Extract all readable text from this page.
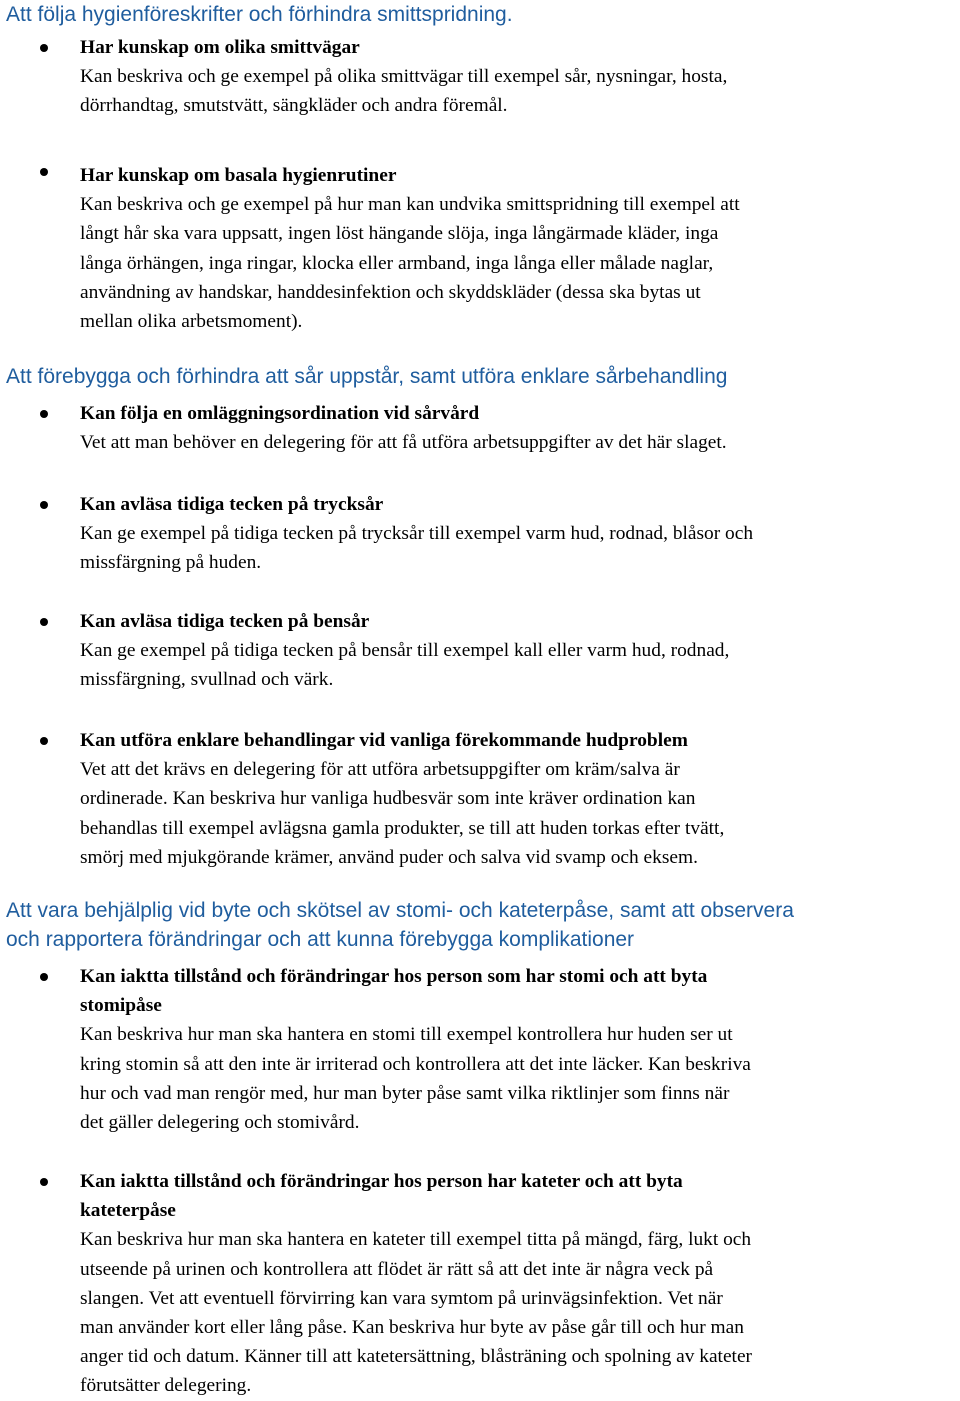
Att följa hygienföreskrifter och förhindra smittspridning.
Har kunskap om olika smittvägar
Kan beskriva och ge exempel på olika smittvägar till exempel sår, nysningar, hosta,
dörrhandtag, smutstvätt, sängkläder och andra föremål.
Har kunskap om basala hygienrutiner
Kan beskriva och ge exempel på hur man kan undvika smittspridning till exempel att
långt hår ska vara uppsatt, ingen löst hängande slöja, inga långärmade kläder, inga
långa örhängen, inga ringar, klocka eller armband, inga långa eller målade naglar,
användning av handskar, handdesinfektion och skyddskläder (dessa ska bytas ut
mellan olika arbetsmoment).
Att förebygga och förhindra att sår uppstår, samt utföra enklare sårbehandling
Kan följa en omläggningsordination vid sårvård
Vet att man behöver en delegering för att få utföra arbetsuppgifter av det här slaget.
Kan avläsa tidiga tecken på trycksår
Kan ge exempel på tidiga tecken på trycksår till exempel varm hud, rodnad, blåsor och
missfärgning på huden.
Kan avläsa tidiga tecken på bensår
Kan ge exempel på tidiga tecken på bensår till exempel kall eller varm hud, rodnad,
missfärgning, svullnad och värk.
Kan utföra enklare behandlingar vid vanliga förekommande hudproblem
Vet att det krävs en delegering för att utföra arbetsuppgifter om kräm/salva är
ordinerade. Kan beskriva hur vanliga hudbesvär som inte kräver ordination kan
behandlas till exempel avlägsna gamla produkter, se till att huden torkas efter tvätt,
smörj med mjukgörande krämer, använd puder och salva vid svamp och eksem.
Att vara behjälplig vid byte och skötsel av stomi- och kateterpåse, samt att observera
och rapportera förändringar och att kunna förebygga komplikationer
Kan iaktta tillstånd och förändringar hos person som har stomi och att byta
stomipåse
Kan beskriva hur man ska hantera en stomi till exempel kontrollera hur huden ser ut
kring stomin så att den inte är irriterad och kontrollera att det inte läcker. Kan beskriva
hur och vad man rengör med, hur man byter påse samt vilka riktlinjer som finns när
det gäller delegering och stomivård.
Kan iaktta tillstånd och förändringar hos person har kateter och att byta
kateterpåse
Kan beskriva hur man ska hantera en kateter till exempel titta på mängd, färg, lukt och
utseende på urinen och kontrollera att flödet är rätt så att det inte är några veck på
slangen. Vet att eventuell förvirring kan vara symtom på urinvägsinfektion. Vet när
man använder kort eller lång påse. Kan beskriva hur byte av påse går till och hur man
anger tid och datum. Känner till att katetersättning, blåsträning och spolning av kateter
förutsätter delegering.
